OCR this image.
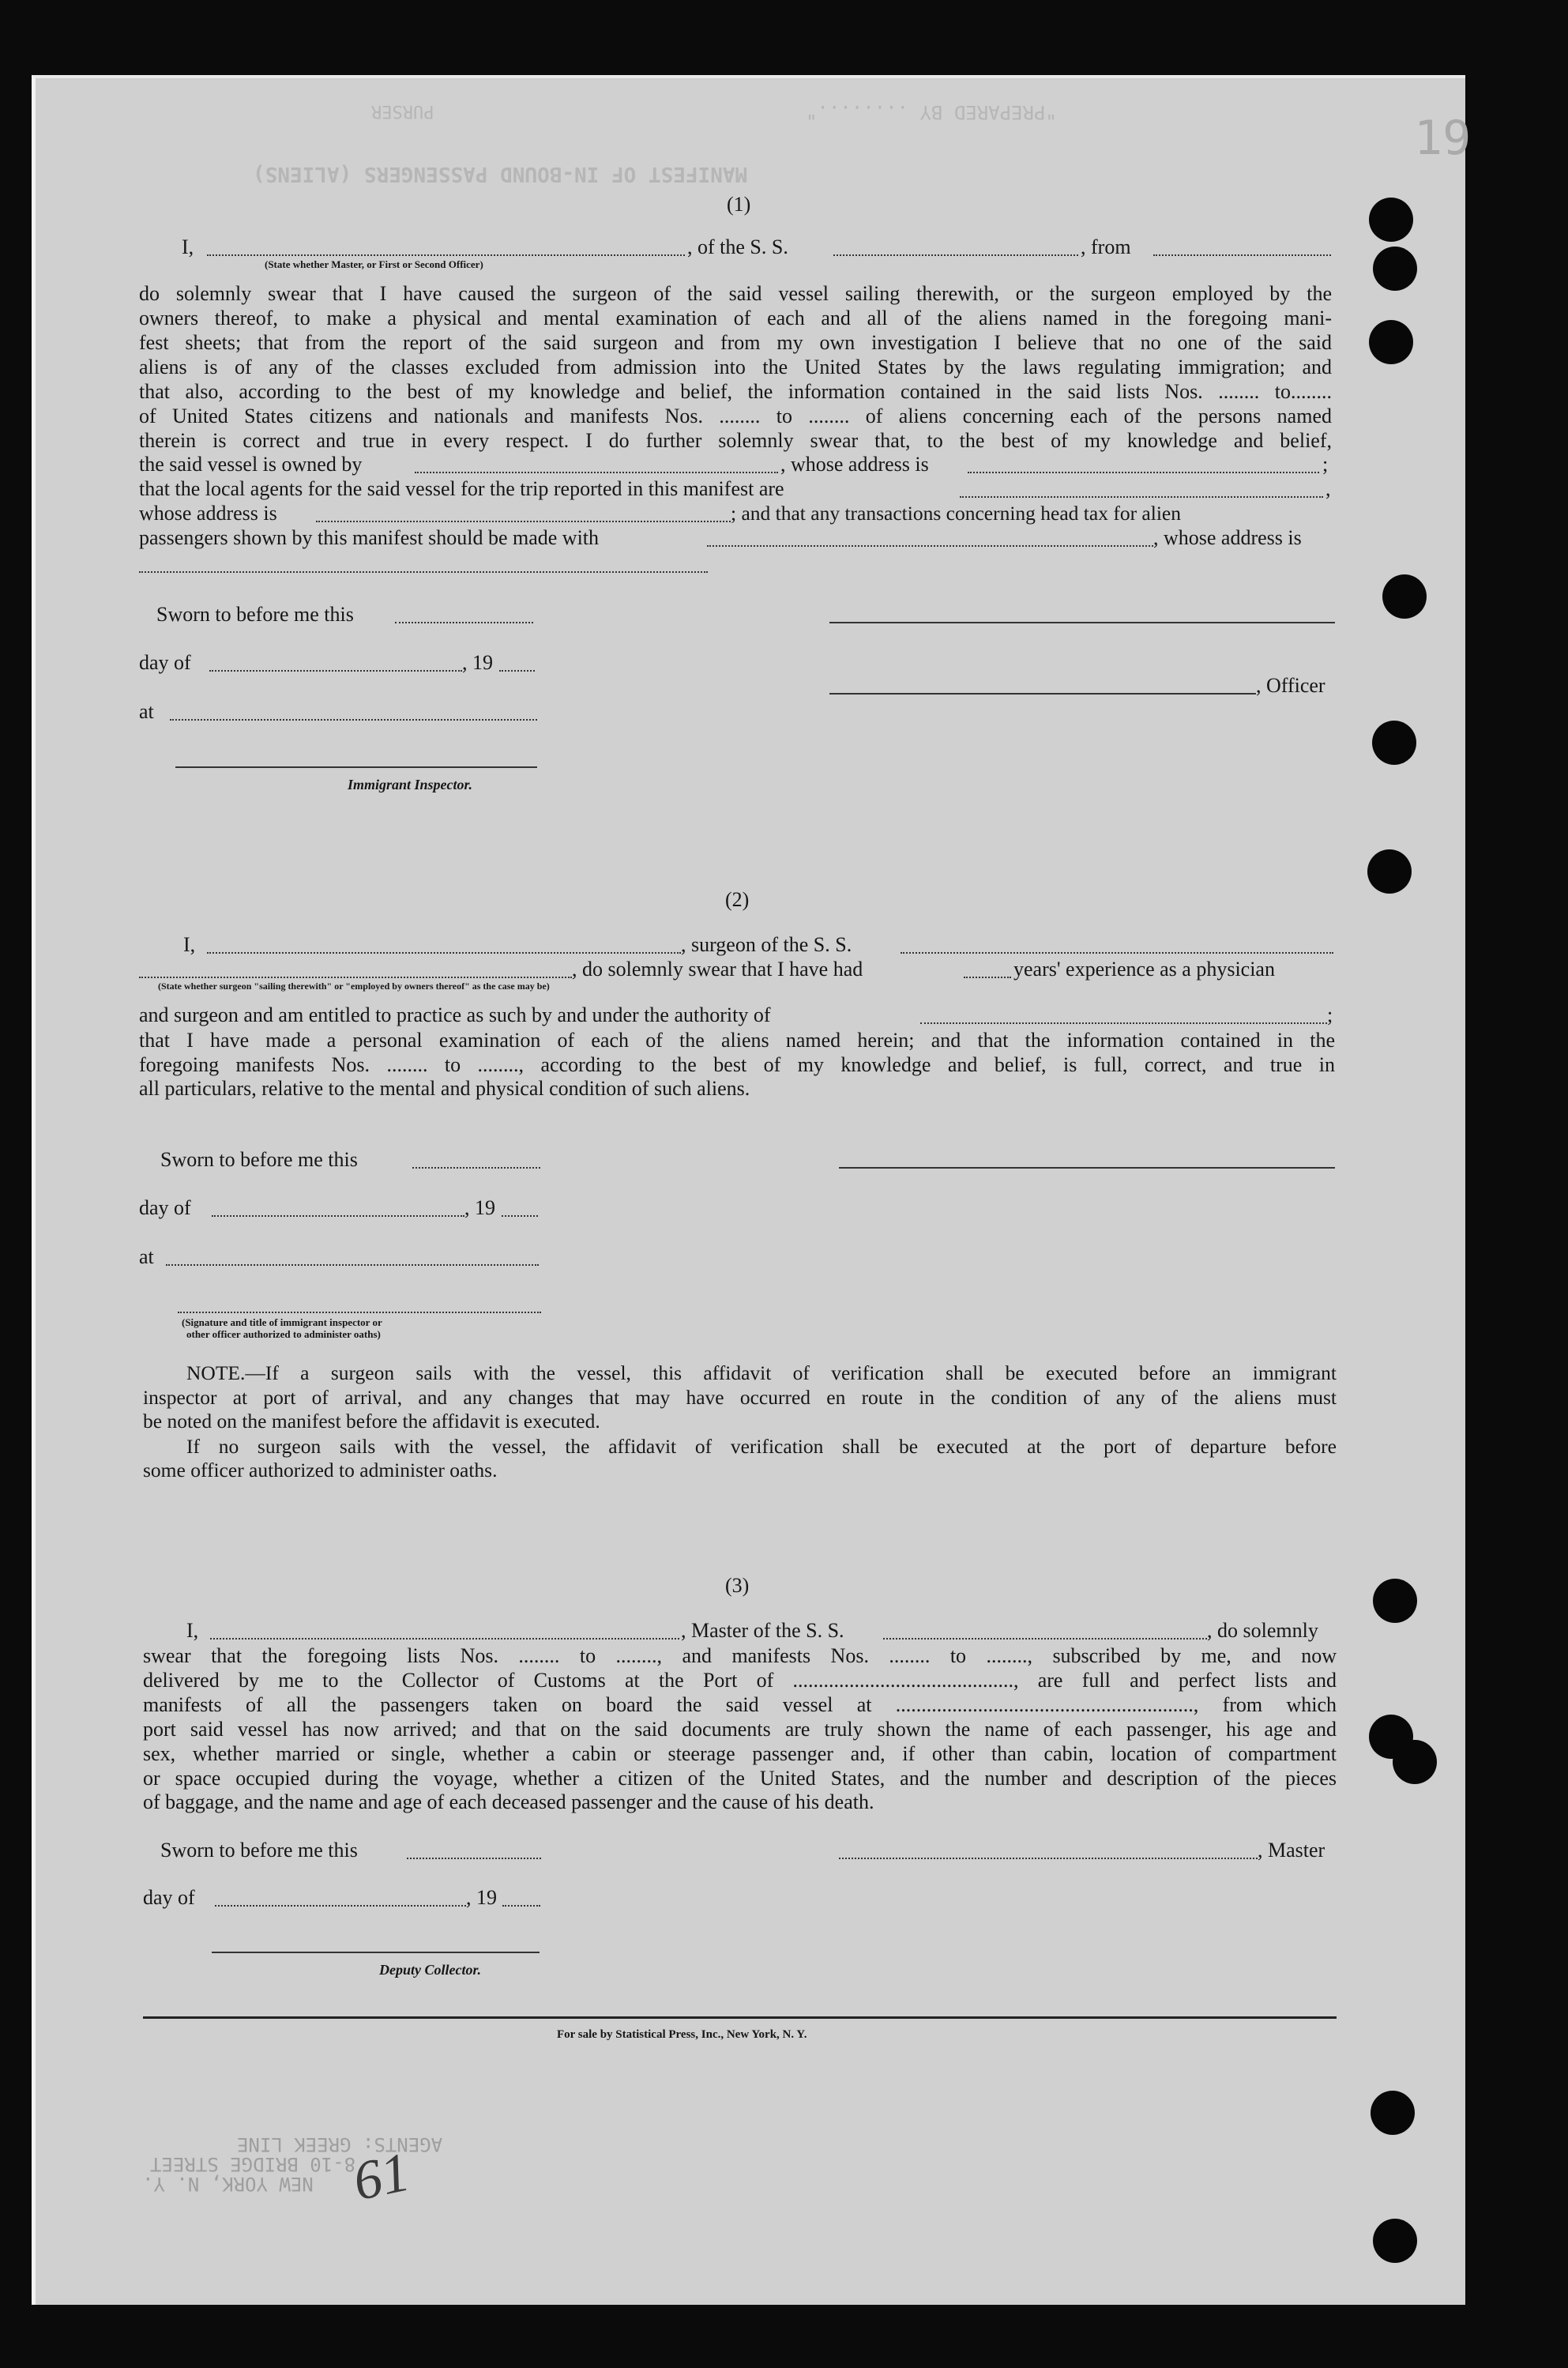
"PREPARED BY ........"
PURSER
MANIFEST OF IN-BOUND PASSENGERS (ALIENS)
19
(1)
I,	, of the S. S.	, from
(State whether Master, or First or Second Officer)
do solemnly swear that I have caused the surgeon of the said vessel sailing therewith, or the surgeon employed by the
owners thereof, to make a physical and mental examination of each and all of the aliens named in the foregoing mani-
fest sheets; that from the report of the said surgeon and from my own investigation I believe that no one of the said
aliens is of any of the classes excluded from admission into the United States by the laws regulating immigration; and
that also, according to the best of my knowledge and belief, the information contained in the said lists Nos. ........ to........
of United States citizens and nationals and manifests Nos. ........ to ........ of aliens concerning each of the persons named
therein is correct and true in every respect. I do further solemnly swear that, to the best of my knowledge and belief,
the said vessel is owned by	, whose address is	;
that the local agents for the said vessel for the trip reported in this manifest are	,
whose address is	; and that any transactions concerning head tax for alien
passengers shown by this manifest should be made with	, whose address is
Sworn to before me this
day of	, 19
, Officer
at
Immigrant Inspector.
(2)
I,	, surgeon of the S. S.
, do solemnly swear that I have had	years' experience as a physician
(State whether surgeon "sailing therewith" or "employed by owners thereof" as the case may be)
and surgeon and am entitled to practice as such by and under the authority of	;
that I have made a personal examination of each of the aliens named herein; and that the information contained in the
foregoing manifests Nos. ........ to ........, according to the best of my knowledge and belief, is full, correct, and true in
all particulars, relative to the mental and physical condition of such aliens.
Sworn to before me this
day of	, 19
at
(Signature and title of immigrant inspector or
other officer authorized to administer oaths)
NOTE.—If a surgeon sails with the vessel, this affidavit of verification shall be executed before an immigrant
inspector at port of arrival, and any changes that may have occurred en route in the condition of any of the aliens must
be noted on the manifest before the affidavit is executed.
If no surgeon sails with the vessel, the affidavit of verification shall be executed at the port of departure before
some officer authorized to administer oaths.
(3)
I,	, Master of the S. S.	, do solemnly
swear that the foregoing lists Nos. ........ to ........, and manifests Nos. ........ to ........, subscribed by me, and now
delivered by me to the Collector of Customs at the Port of ..........................................., are full and perfect lists and
manifests of all the passengers taken on board the said vessel at .........................................................., from which
port said vessel has now arrived; and that on the said documents are truly shown the name of each passenger, his age and
sex, whether married or single, whether a cabin or steerage passenger and, if other than cabin, location of compartment
or space occupied during the voyage, whether a citizen of the United States, and the number and description of the pieces
of baggage, and the name and age of each deceased passenger and the cause of his death.
Sworn to before me this	, Master
day of	, 19
Deputy Collector.
For sale by Statistical Press, Inc., New York, N. Y.
AGENTS: GREEK LINE
8-10 BRIDGE STREET
NEW YORK, N. Y. 61
